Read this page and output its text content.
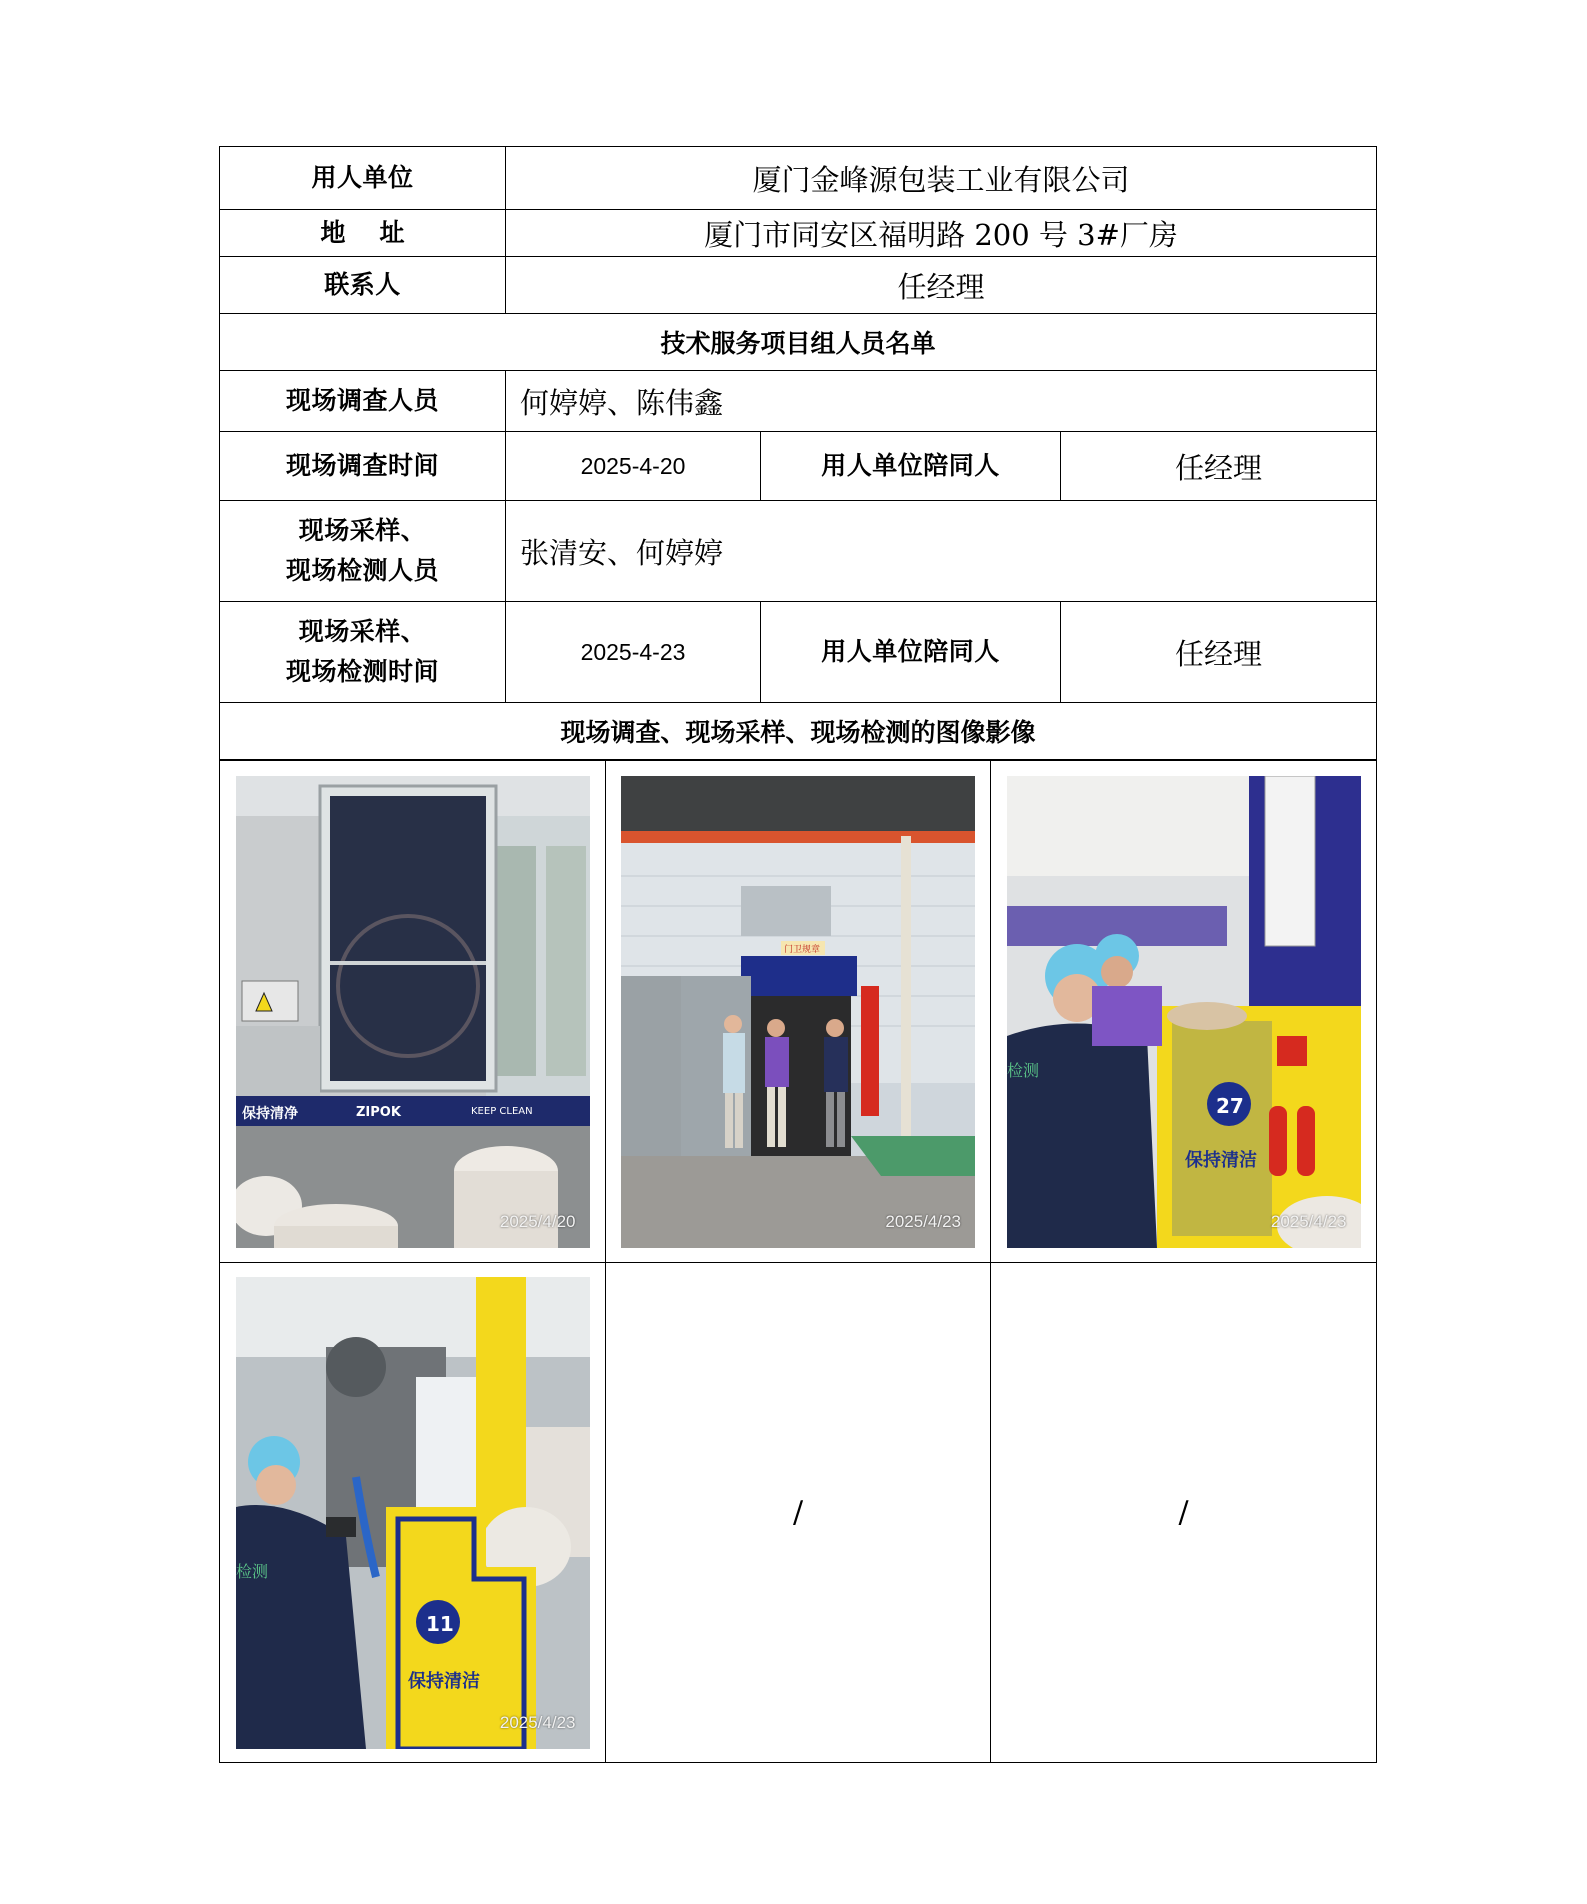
用人单位	厦门金峰源包装工业有限公司		
地址	厦门市同安区福明路 200 号 3#厂房		
联系人	任经理		
技术服务项目组人员名单			
现场调查人员	何婷婷、陈伟鑫		
现场调查时间	2025-4-20	用人单位陪同人	任经理

现场采样、
现场检测人员	张清安、何婷婷		

现场采样、
现场检测时间	2025-4-23	用人单位陪同人	任经理
现场调查、现场采样、现场检测的图像影像			
保持清净 ZIPOK KEEP CLEAN
2025/4/20	门卫规章
2025/4/23	27
保持清洁
检测
2025/4/23

11
保持清洁
检测
2025/4/23	/	/
